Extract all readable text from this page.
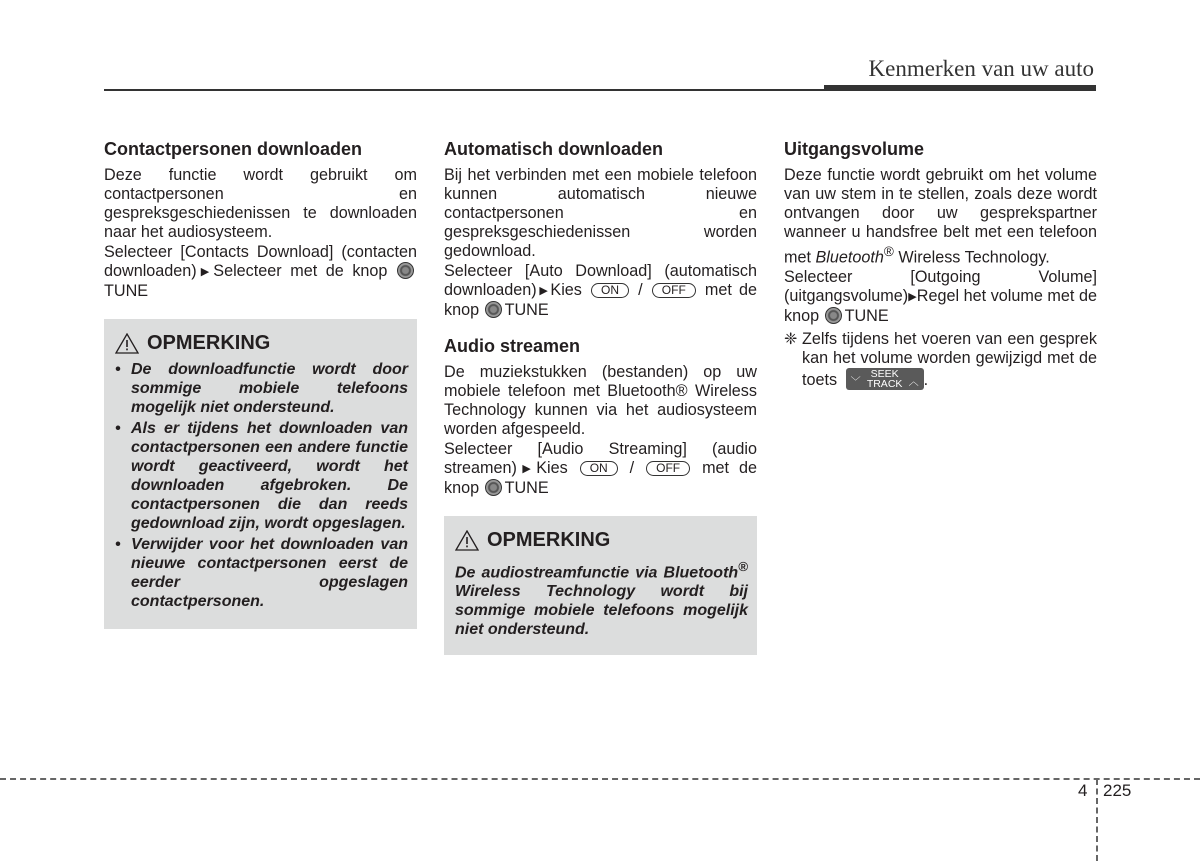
Kenmerken van uw auto
Contactpersonen downloaden

Deze functie wordt gebruikt om contactpersonen en gespreksgeschiedenissen te downloaden naar het audiosysteem.

Selecteer [Contacts Download] (contacten downloaden)▶Selecteer met de knop TUNE

OPMERKING
• De downloadfunctie wordt door sommige mobiele telefoons mogelijk niet ondersteund.
• Als er tijdens het downloaden van contactpersonen een andere functie wordt geactiveerd, wordt het downloaden afgebroken. De contactpersonen die dan reeds gedownload zijn, wordt opgeslagen.
• Verwijder voor het downloaden van nieuwe contactpersonen eerst de eerder opgeslagen contactpersonen.
Automatisch downloaden

Bij het verbinden met een mobiele telefoon kunnen automatisch nieuwe contactpersonen en gespreksgeschiedenissen worden gedownload.

Selecteer [Auto Download] (automatisch downloaden)▶Kies ON / OFF met de knop TUNE

Audio streamen

De muziekstukken (bestanden) op uw mobiele telefoon met Bluetooth® Wireless Technology kunnen via het audiosysteem worden afgespeeld.

Selecteer [Audio Streaming] (audio streamen)▶Kies ON / OFF met de knop TUNE

OPMERKING
De audiostreamfunctie via Bluetooth® Wireless Technology wordt bij sommige mobiele telefoons mogelijk niet ondersteund.
Uitgangsvolume

Deze functie wordt gebruikt om het volume van uw stem in te stellen, zoals deze wordt ontvangen door uw gesprekspartner wanneer u handsfree belt met een telefoon met Bluetooth® Wireless Technology.

Selecteer [Outgoing Volume] (uitgangsvolume)▶Regel het volume met de knop TUNE

❈ Zelfs tijdens het voeren van een gesprek kan het volume worden gewijzigd met de toets ﹀
SEEK
TRACK ︿ .
4 225
